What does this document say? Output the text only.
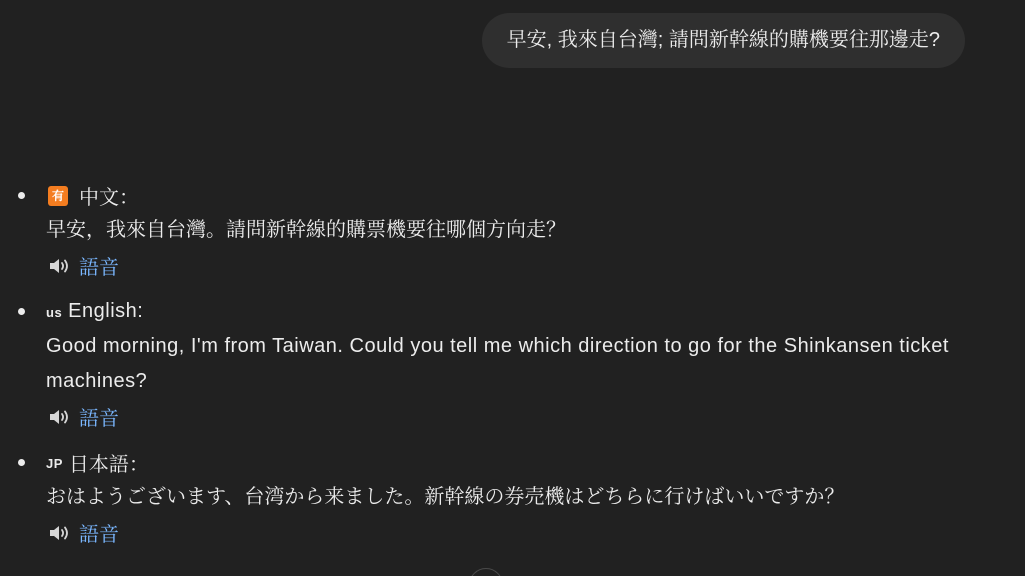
早安, 我來自台灣; 請問新幹線的購機要往那邊走?
有 中文：
早安，我來自台灣。請問新幹線的購票機要往哪個方向走？
語音
us English:
Good morning, I'm from Taiwan. Could you tell me which direction to go for the Shinkansen ticket machines?
語音
JP 日本語：
おはようございます、台湾から来ました。新幹線の券売機はどちらに行けばいいですか？
語音
